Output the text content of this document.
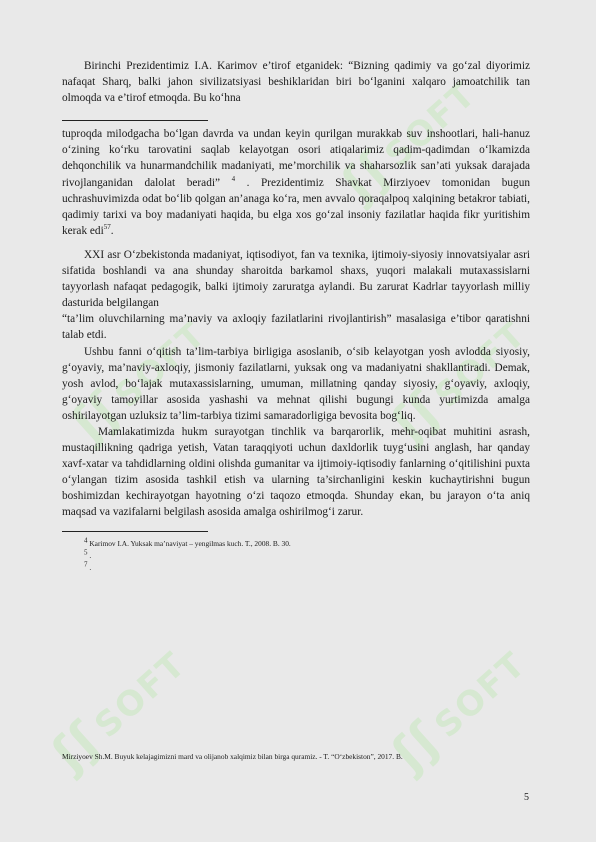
ʃʃSOFT
ʃʃSOFT
ʃʃSOFT
ʃʃSOFT
ʃʃSOFT

Birinchi Prezidentimiz I.A. Karimov e’tirof etganidek: “Bizning qadimiy va go‘zal diyorimiz nafaqat Sharq, balki jahon sivilizatsiyasi beshiklaridan biri bo‘lganini xalqaro jamoatchilik tan olmoqda va e’tirof etmoqda. Bu ko‘hna

tuproqda milodgacha bo‘lgan davrda va undan keyin qurilgan murakkab suv inshootlari, hali-hanuz o‘zining ko‘rku tarovatini saqlab kelayotgan osori atiqalarimiz qadim-qadimdan o‘lkamizda dehqonchilik va hunarmandchilik madaniyati, me’morchilik va shaharsozlik san’ati yuksak darajada rivojlanganidan dalolat beradi” $^4$ . Prezidentimiz Shavkat Mirziyoev tomonidan bugun uchrashuvimizda odat bo‘lib qolgan an’anaga ko‘ra, men avvalo qoraqalpoq xalqining betakror tabiati, qadimiy tarixi va boy madaniyati haqida, bu elga xos go‘zal insoniy fazilatlar haqida fikr yuritishim kerak edi$^{57}$.

XXI asr O‘zbekistonda madaniyat, iqtisodiyot, fan va texnika, ijtimoiy-siyosiy innovatsiyalar asri sifatida boshlandi va ana shunday sharoitda barkamol shaxs, yuqori malakali mutaxassislarni tayyorlash nafaqat pedagogik, balki ijtimoiy zaruratga aylandi. Bu zarurat Kadrlar tayyorlash milliy dasturida belgilangan

“ta’lim oluvchilarning ma’naviy va axloqiy fazilatlarini rivojlantirish” masalasiga e’tibor qaratishni talab etdi.

Ushbu fanni o‘qitish ta’lim-tarbiya birligiga asoslanib, o‘sib kelayotgan yosh avlodda siyosiy, g‘oyaviy, ma’naviy-axloqiy, jismoniy fazilatlarni, yuksak ong va madaniyatni shakllantiradi. Demak, yosh avlod, bo‘lajak mutaxassislarning, umuman, millatning qanday siyosiy, g‘oyaviy, axloqiy, g‘oyaviy tamoyillar asosida yashashi va mehnat qilishi bugungi kunda yurtimizda amalga oshirilayotgan uzluksiz ta’lim-tarbiya tizimi samaradorligiga bevosita bog‘liq.

Mamlakatimizda hukm surayotgan tinchlik va barqarorlik, mehr-oqibat muhitini asrash, mustaqillikning qadriga yetish, Vatan taraqqiyoti uchun daxldorlik tuyg‘usini anglash, har qanday xavf-xatar va tahdidlarning oldini olishda gumanitar va ijtimoiy-iqtisodiy fanlarning o‘qitilishini puxta o‘ylangan tizim asosida tashkil etish va ularning ta’sirchanligini keskin kuchaytirishni bugun boshimizdan kechirayotgan hayotning o‘zi taqozo etmoqda. Shunday ekan, bu jarayon o‘ta aniq maqsad va vazifalarni belgilash asosida amalga oshirilmog‘i zarur.

$^4$ Karimov I.A. Yuksak ma’naviyat – yengilmas kuch. T., 2008. B. 30.

$^5$ .

$^7$ .

Mirziyoev Sh.M. Buyuk kelajagimizni mard va olijanob xalqimiz bilan birga quramiz. - T. “O‘zbekiston”, 2017. B.
5
